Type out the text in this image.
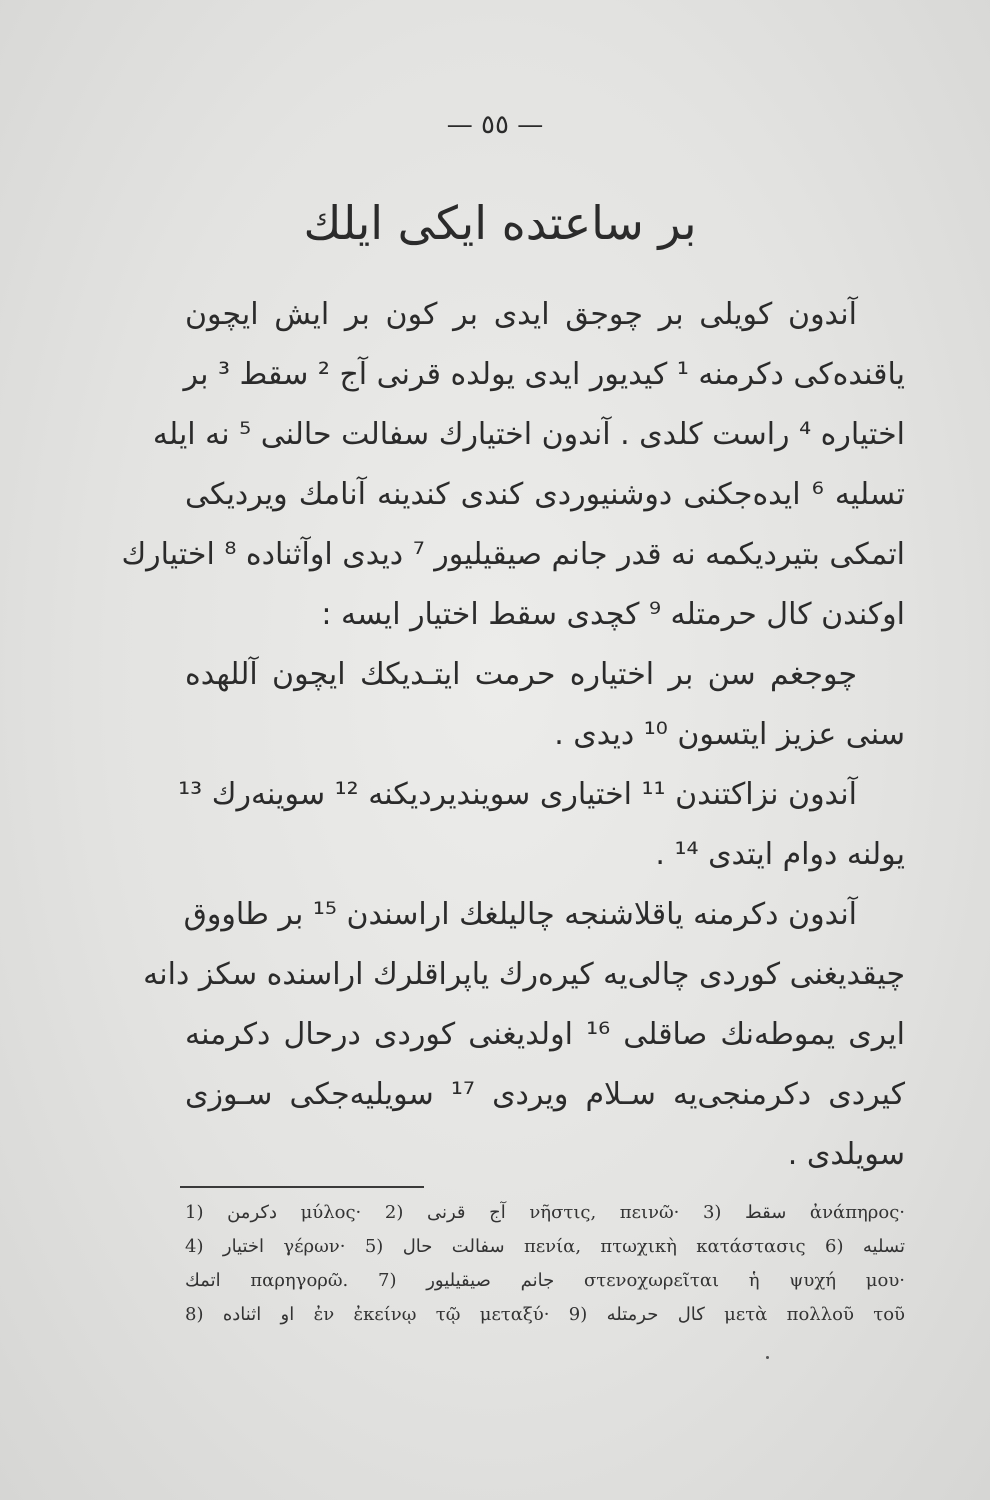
— ٥٥ —
بر ساعتده ایکی ایلك
آندون کویلی بر چوجق ایدی بر کون بر ایش ایچون
یاقندەکی دکرمنه ¹ کیدیور ایدی یولده قرنی آج ² سقط ³ بر
اختیاره ⁴ راست کلدی . آندون اختیارك سفالت حالنی ⁵ نه ایله
تسلیه ⁶ ایدەجکنی دوشنیوردی کندی کندینه آنامك ویردیکی
اتمکی بتیردیکمه نه قدر جانم صیقیلیور ⁷ دیدی اوآثناده ⁸ اختیارك
اوکندن کال حرمتله ⁹ کچدی سقط اختیار ایسه :
چوجغم سن بر اختیاره حرمت ایتـدیکك ایچون آللهده
سنی عزیز ایتسون ¹⁰ دیدی .
آندون نزاکتندن ¹¹ اختیاری سویندیردیکنه ¹² سوینەرك ¹³
یولنه دوام ایتدی ¹⁴ .
آندون دکرمنه یاقلاشنجه چالیلغك اراسندن ¹⁵ بر طاووق
چیقدیغنی کوردی چالی‌یه کیرەرك یاپراقلرك اراسنده سکز دانه
ایری یموطەنك صاقلی ¹⁶ اولدیغنی کوردی درحال دکرمنه
کیردی دکرمنجی‌یه سـلام ویردی ¹⁷ سویلیه‌جکی سـوزی
سویلدی .
1) دکرمن μύλος· 2) آج قرنی νῆστις, πεινῶ· 3) سقط ἀνάπηρος·
4) اختیار γέρων· 5) سفالت حال πενία, πτωχικὴ κατάστασις 6) تسلیه
اتمك παρηγορῶ. 7) جانم صیقیلیور στενοχωρεῖται ἡ ψυχή μου·
8) او اثناده ἐν ἐκείνῳ τῷ μεταξύ· 9) کال حرمتله μετὰ πολλοῦ τοῦ
